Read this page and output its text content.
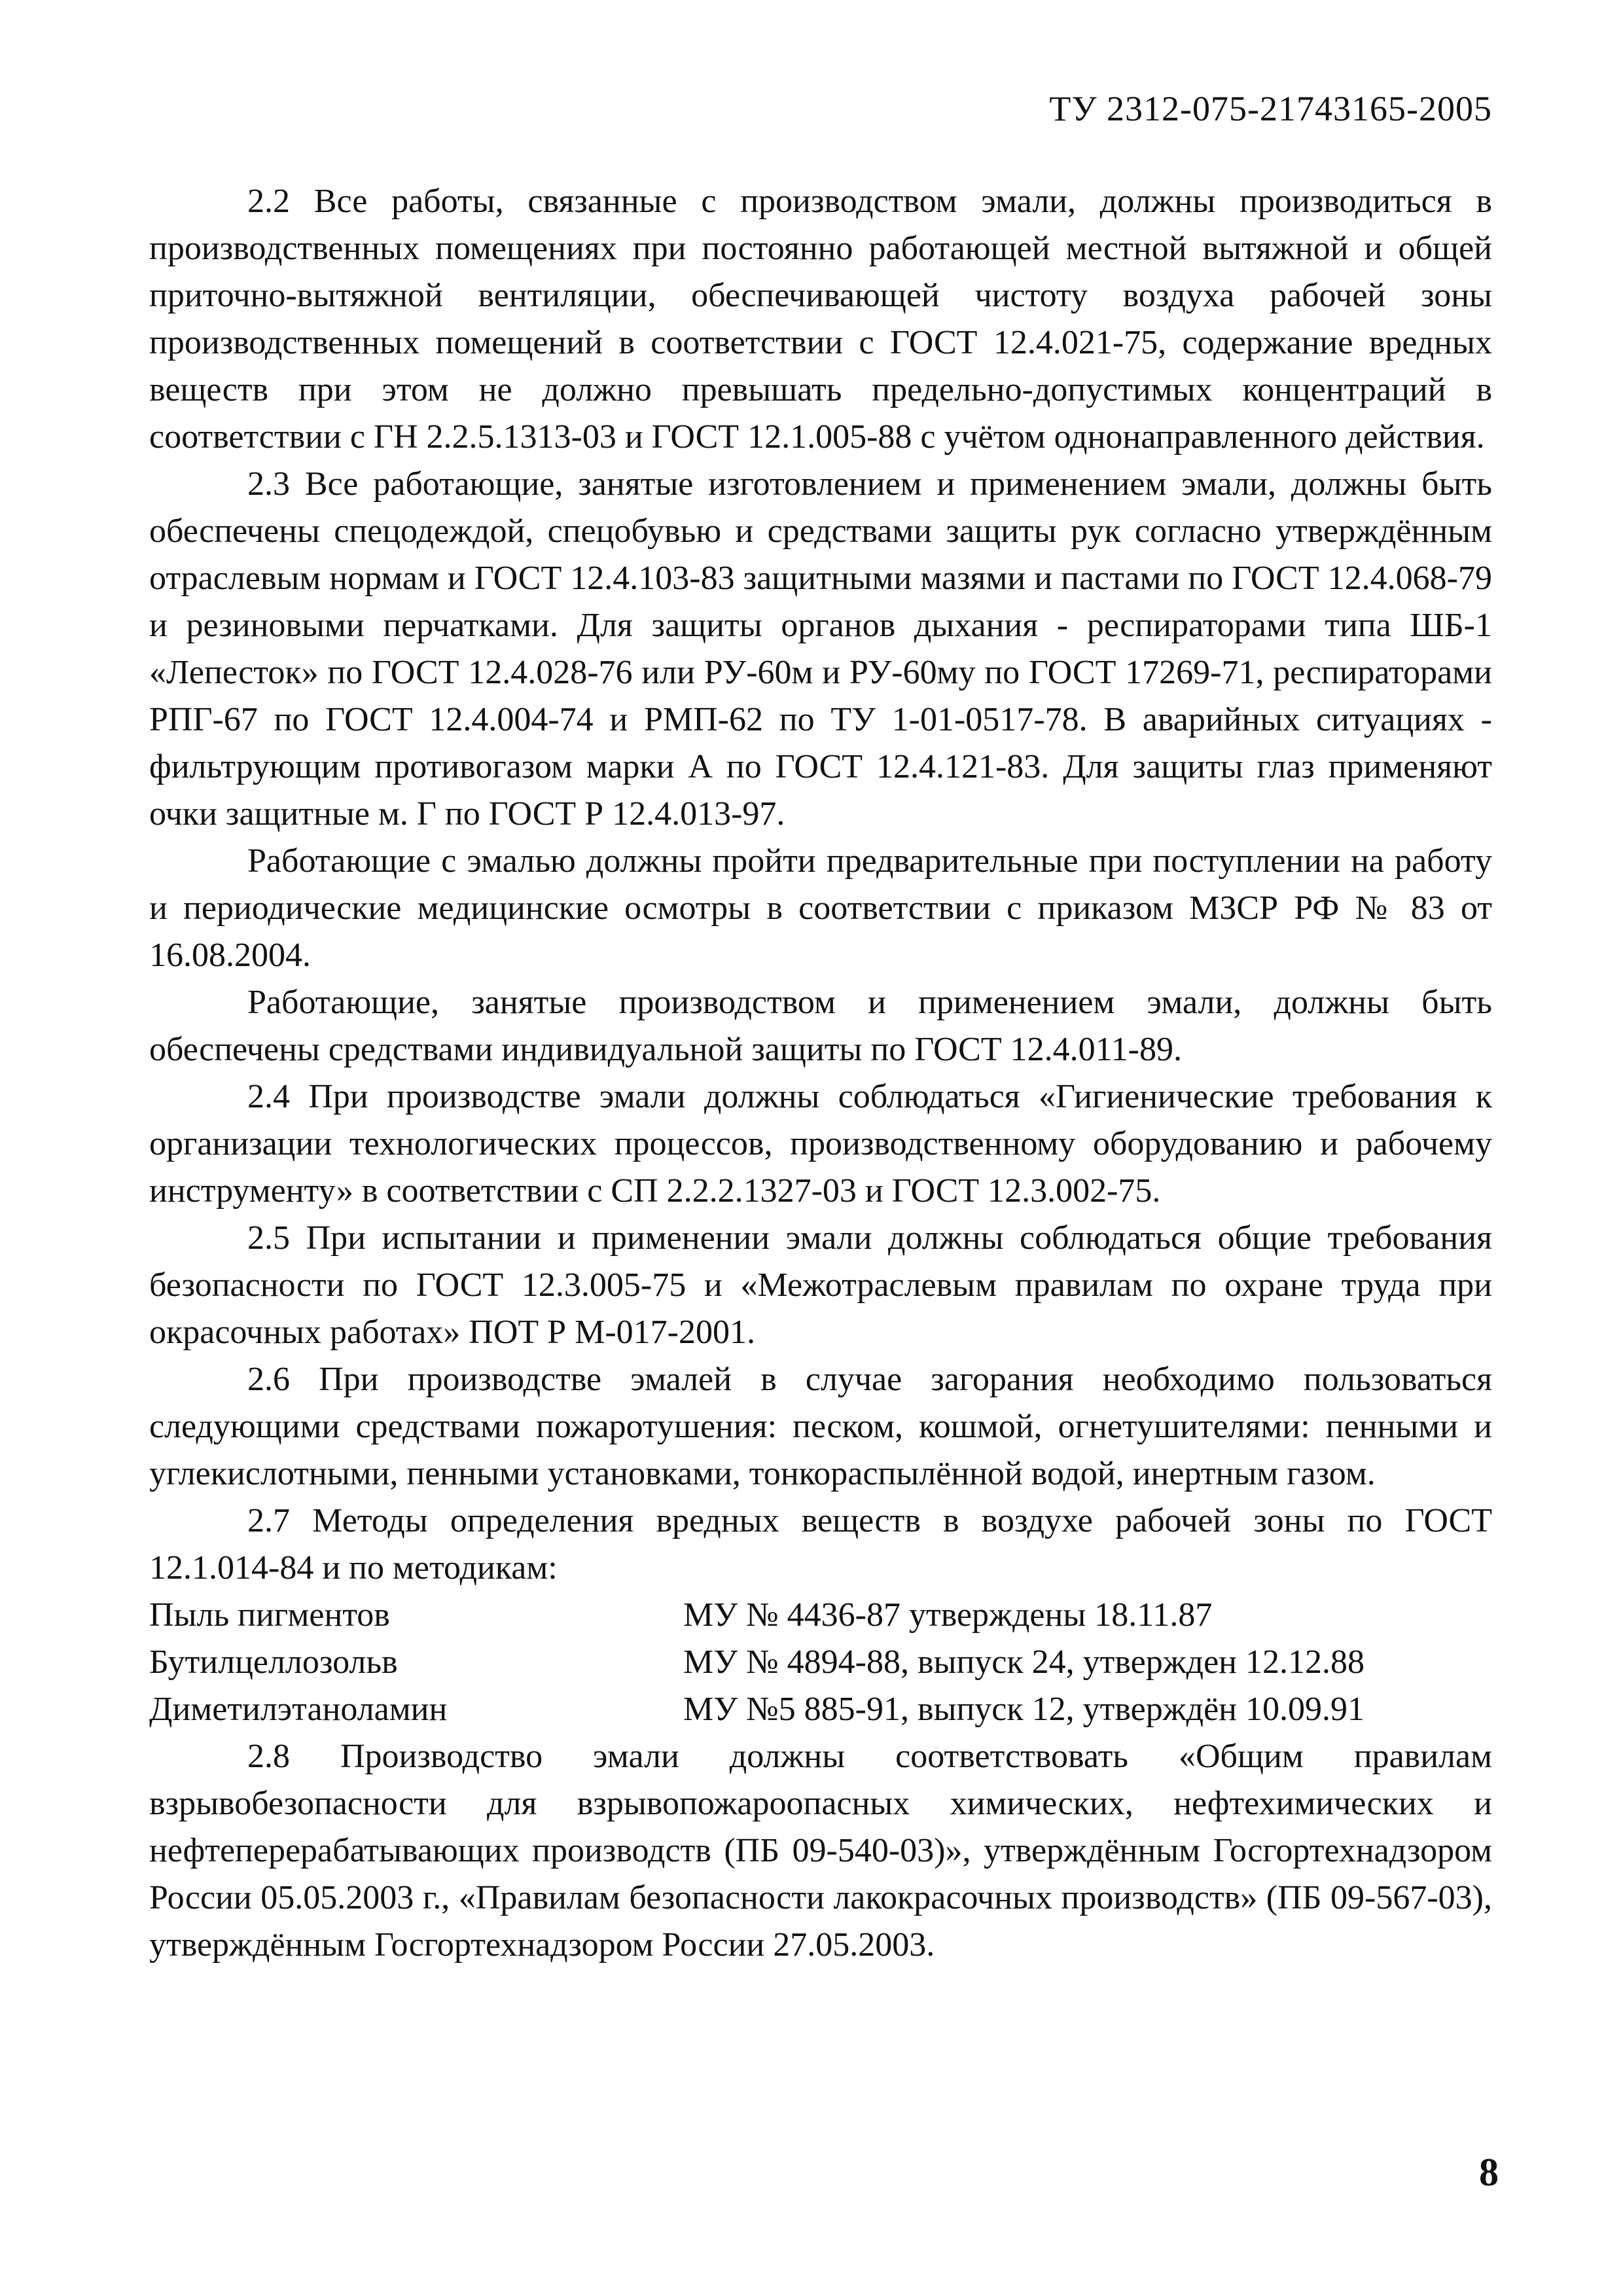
ТУ 2312-075-21743165-2005

2.2 Все работы, связанные с производством эмали, должны производиться в производственных помещениях при постоянно работающей местной вытяжной и общей приточно-вытяжной вентиляции, обеспечивающей чистоту воздуха рабочей зоны производственных помещений в соответствии с ГОСТ 12.4.021-75, содержание вредных веществ при этом не должно превышать предельно-допустимых концентраций в соответствии с ГН 2.2.5.1313-03 и ГОСТ 12.1.005-88 с учётом однонаправленного действия.

2.3 Все работающие, занятые изготовлением и применением эмали, должны быть обеспечены спецодеждой, спецобувью и средствами защиты рук согласно утверждённым отраслевым нормам и ГОСТ 12.4.103-83 защитными мазями и пастами по ГОСТ 12.4.068-79 и резиновыми перчатками. Для защиты органов дыхания - респираторами типа ШБ-1 «Лепесток» по ГОСТ 12.4.028-76 или РУ-60м и РУ-60му по ГОСТ 17269-71, респираторами РПГ-67 по ГОСТ 12.4.004-74 и РМП-62 по ТУ 1-01-0517-78. В аварийных ситуациях - фильтрующим противогазом марки А по ГОСТ 12.4.121-83. Для защиты глаз применяют очки защитные м. Г по ГОСТ Р 12.4.013-97.

Работающие с эмалью должны пройти предварительные при поступлении на работу и периодические медицинские осмотры в соответствии с приказом МЗСР РФ № 83 от 16.08.2004.

Работающие, занятые производством и применением эмали, должны быть обеспечены средствами индивидуальной защиты по ГОСТ 12.4.011-89.

2.4 При производстве эмали должны соблюдаться «Гигиенические требования к организации технологических процессов, производственному оборудованию и рабочему инструменту» в соответствии с СП 2.2.2.1327-03 и ГОСТ 12.3.002-75.

2.5 При испытании и применении эмали должны соблюдаться общие требования безопасности по ГОСТ 12.3.005-75 и «Межотраслевым правилам по охране труда при окрасочных работах» ПОТ Р М-017-2001.

2.6 При производстве эмалей в случае загорания необходимо пользоваться следующими средствами пожаротушения: песком, кошмой, огнетушителями: пенными и углекислотными, пенными установками, тонкораспылённой водой, инертным газом.

2.7 Методы определения вредных веществ в воздухе рабочей зоны по ГОСТ 12.1.014-84 и по методикам:

Пыль пигментов	МУ № 4436-87 утверждены 18.11.87
Бутилцеллозольв	МУ № 4894-88, выпуск 24, утвержден 12.12.88
Диметилэтаноламин	МУ №5 885-91, выпуск 12, утверждён 10.09.91

2.8 Производство эмали должны соответствовать «Общим правилам взрывобезопасности для взрывопожароопасных химических, нефтехимических и нефтеперерабатывающих производств (ПБ 09-540-03)», утверждённым Госгортехнадзором России 05.05.2003 г., «Правилам безопасности лакокрасочных производств» (ПБ 09-567-03), утверждённым Госгортехнадзором России 27.05.2003.

8
